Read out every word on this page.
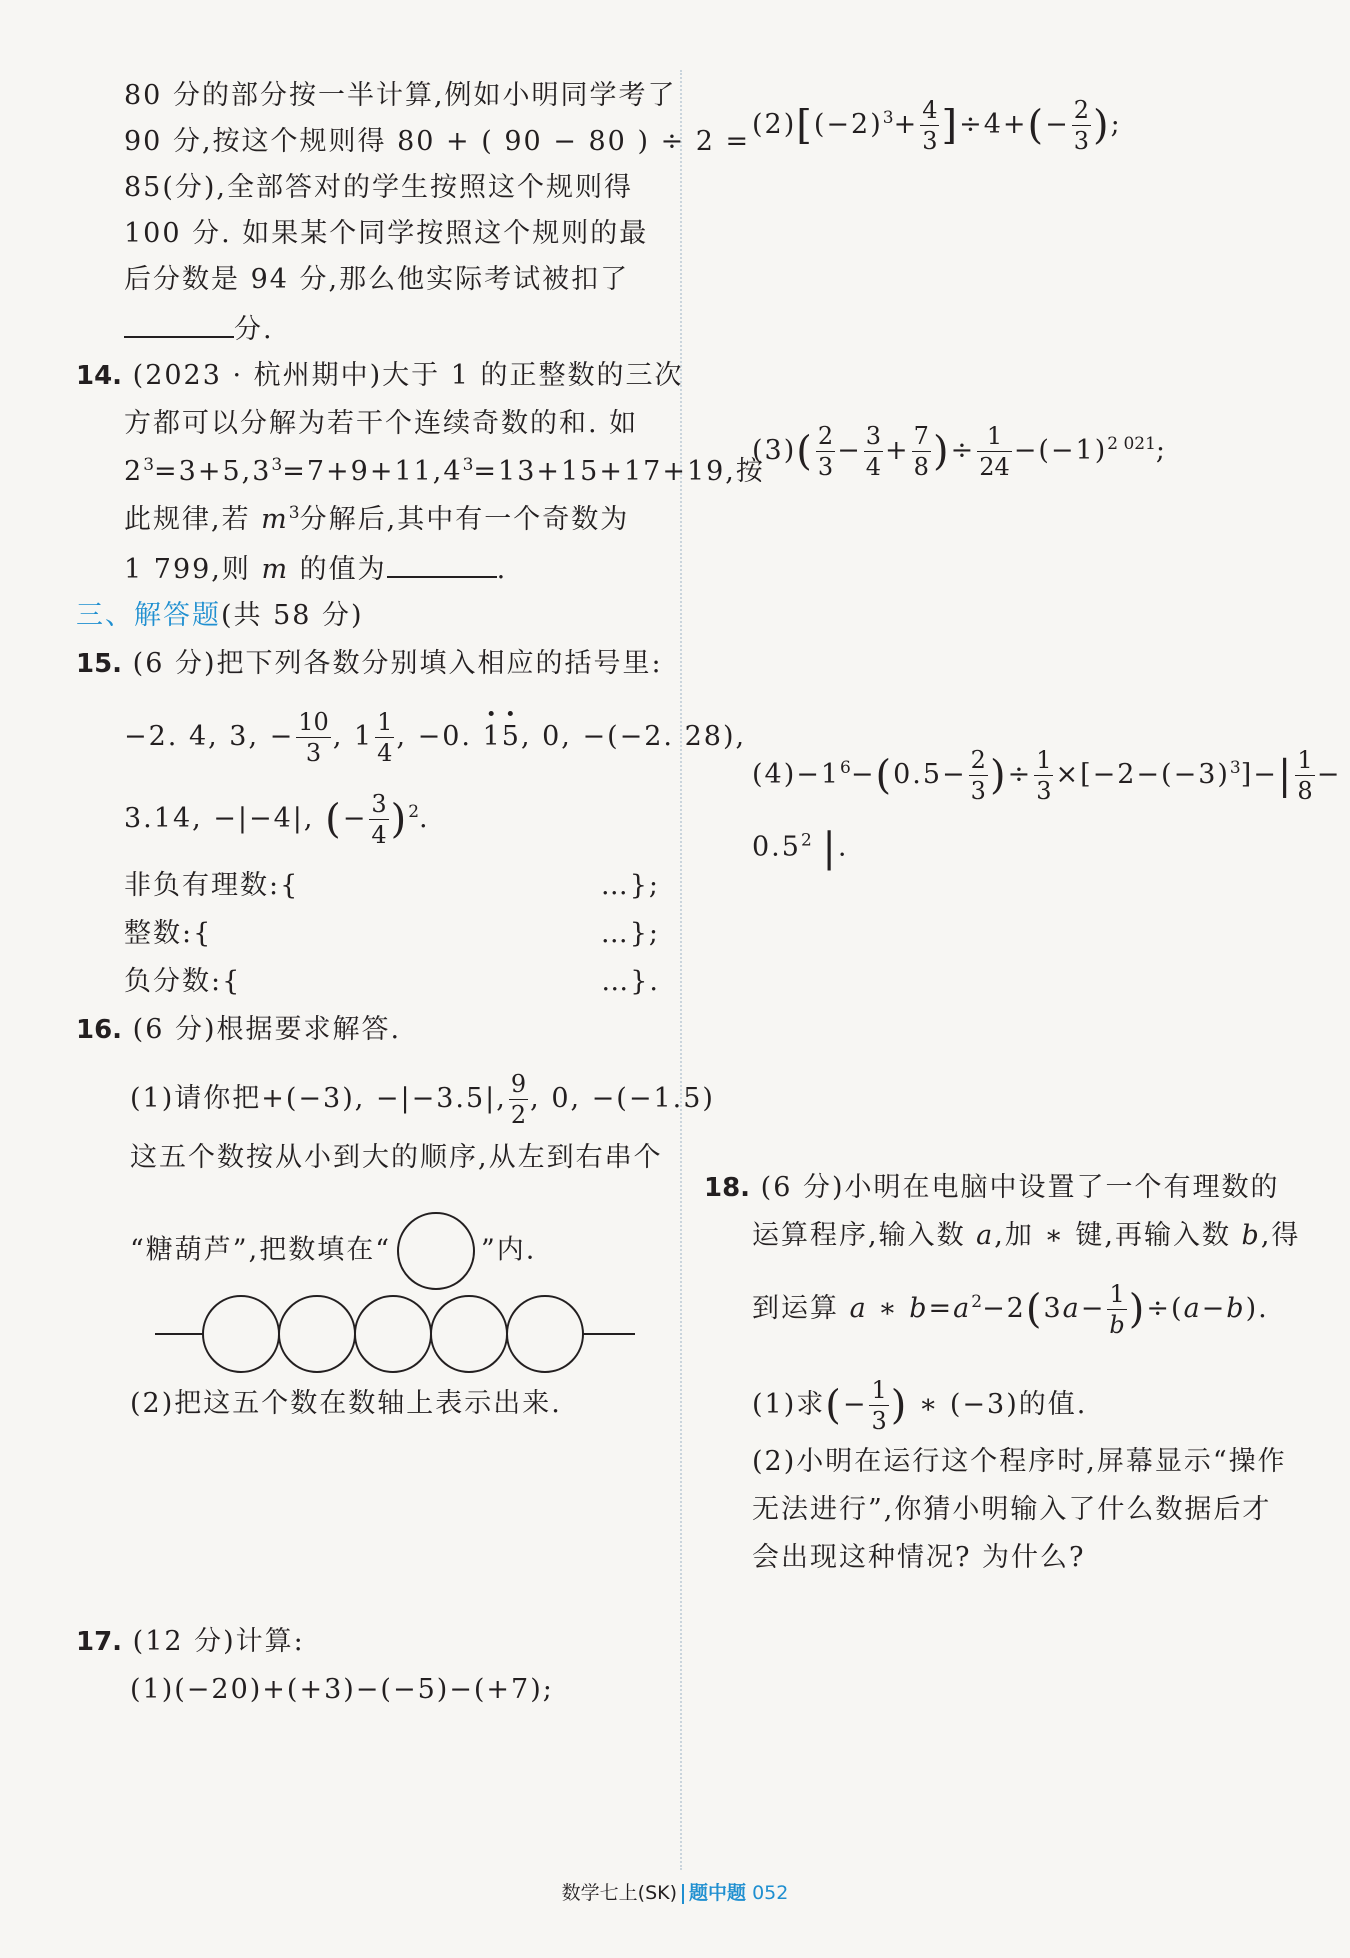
80 分的部分按一半计算,例如小明同学考了
90 分,按这个规则得 80 + ( 90 − 80 ) ÷ 2 =
85(分),全部答对的学生按照这个规则得
100 分. 如果某个同学按照这个规则的最
后分数是 94 分,那么他实际考试被扣了
分.
14. (2023 · 杭州期中)大于 1 的正整数的三次
方都可以分解为若干个连续奇数的和. 如
$2^3=3+5,3^3=7+9+11,4^3=13+15+17+19$,按
此规律,若 $m^3$分解后,其中有一个奇数为
1 799,则 m 的值为	.
三、解答题(共 58 分)
15. (6 分)把下列各数分别填入相应的括号里:
−2. 4, 3, − $\frac{10}{3}$ , $1 \frac{1}{4}$ , −0. · 1· 5, 0, −(−2. 28),
3.14, −|−4|, (− $\frac{3}{4} )^2$.
非负有理数:{	…};
整数:{	…};
负分数:{	…}.
16. (6 分)根据要求解答.
(1)请你把+(−3), −|−3.5|, $\frac{9}{2}$ , 0, −(−1.5)
这五个数按从小到大的顺序,从左到右串个
“糖葫芦”,把数填在“	”内.
(2)把这五个数在数轴上表示出来.
17. (12 分)计算:
(1)(−20)+(+3)−(−5)−(+7);
$(2)[(-2)^3+ \frac{4}{3} ]\div 4+(- \frac{2}{3}$ );
$(3)( \frac{2}{3} - \frac{3}{4} + \frac{7}{8}$ )÷ $\frac{1}{24} -(-1)^{2 021}$;
$(4)-1^6-(0.5- \frac{2}{3}$ )÷ $\frac{1}{3} \times[-2-(-3)^3]-| \frac{1}{8}$ −
$0.5^2$ |.
18. (6 分)小明在电脑中设置了一个有理数的
运算程序,输入数 a,加 ∗ 键,再输入数 b,得
到运算 a ∗ $b=a^2-2(3a- \frac{1}{b} )\div(a-b)$.
(1)求(− $\frac{1}{3}$ ) ∗ (−3)的值.
(2)小明在运行这个程序时,屏幕显示“操作
无法进行”,你猜小明输入了什么数据后才
会出现这种情况? 为什么?
数学七上(SK) 题中题 052
